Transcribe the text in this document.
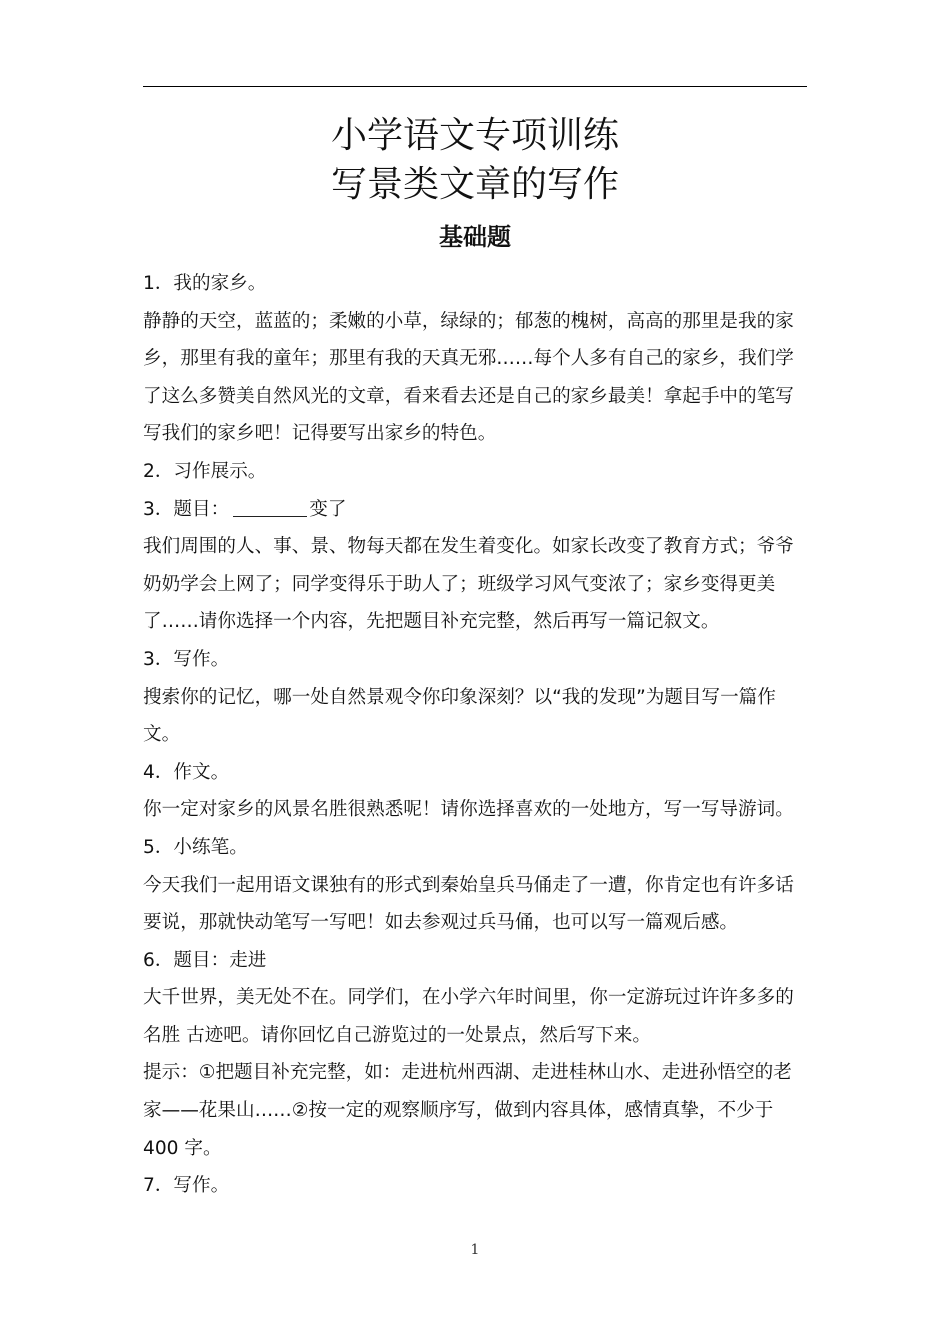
小学语文专项训练
写景类文章的写作
基础题
1．我的家乡。
静静的天空，蓝蓝的；柔嫩的小草，绿绿的；郁葱的槐树，高高的那里是我的家
乡，那里有我的童年；那里有我的天真无邪……每个人多有自己的家乡，我们学
了这么多赞美自然风光的文章，看来看去还是自己的家乡最美！拿起手中的笔写
写我们的家乡吧！记得要写出家乡的特色。
2．习作展示。
3．题目：	变了
我们周围的人、事、景、物每天都在发生着变化。如家长改变了教育方式；爷爷
奶奶学会上网了；同学变得乐于助人了；班级学习风气变浓了；家乡变得更美
了……请你选择一个内容，先把题目补充完整，然后再写一篇记叙文。
3．写作。
搜索你的记忆，哪一处自然景观令你印象深刻？以“我的发现”为题目写一篇作
文。
4．作文。
你一定对家乡的风景名胜很熟悉呢！请你选择喜欢的一处地方，写一写导游词。
5．小练笔。
今天我们一起用语文课独有的形式到秦始皇兵马俑走了一遭，你肯定也有许多话
要说，那就快动笔写一写吧！如去参观过兵马俑，也可以写一篇观后感。
6．题目：走进
大千世界，美无处不在。同学们，在小学六年时间里，你一定游玩过许许多多的
名胜 古迹吧。请你回忆自己游览过的一处景点，然后写下来。
提示：①把题目补充完整，如：走进杭州西湖、走进桂林山水、走进孙悟空的老
家——花果山……②按一定的观察顺序写，做到内容具体，感情真挚，不少于
400 字。
7．写作。
1
